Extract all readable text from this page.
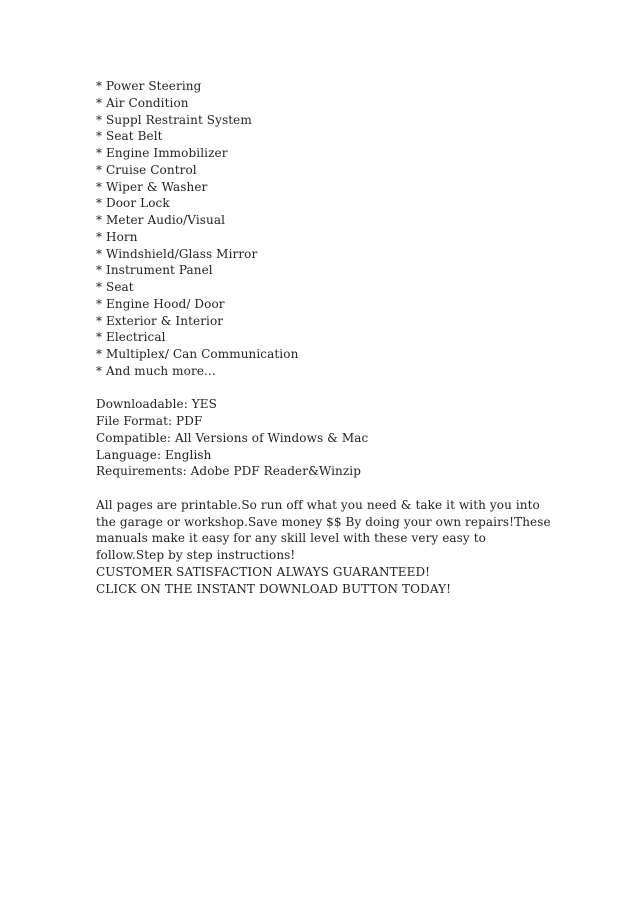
* Power Steering
* Air Condition
* Suppl Restraint System
* Seat Belt
* Engine Immobilizer
* Cruise Control
* Wiper & Washer
* Door Lock
* Meter Audio/Visual
* Horn
* Windshield/Glass Mirror
* Instrument Panel
* Seat
* Engine Hood/ Door
* Exterior & Interior
* Electrical
* Multiplex/ Can Communication
* And much more...
Downloadable: YES
File Format: PDF
Compatible: All Versions of Windows & Mac
Language: English
Requirements: Adobe PDF Reader&Winzip
All pages are printable.So run off what you need & take it with you into
the garage or workshop.Save money $$ By doing your own repairs!These
manuals make it easy for any skill level with these very easy to
follow.Step by step instructions!
CUSTOMER SATISFACTION ALWAYS GUARANTEED!
CLICK ON THE INSTANT DOWNLOAD BUTTON TODAY!
